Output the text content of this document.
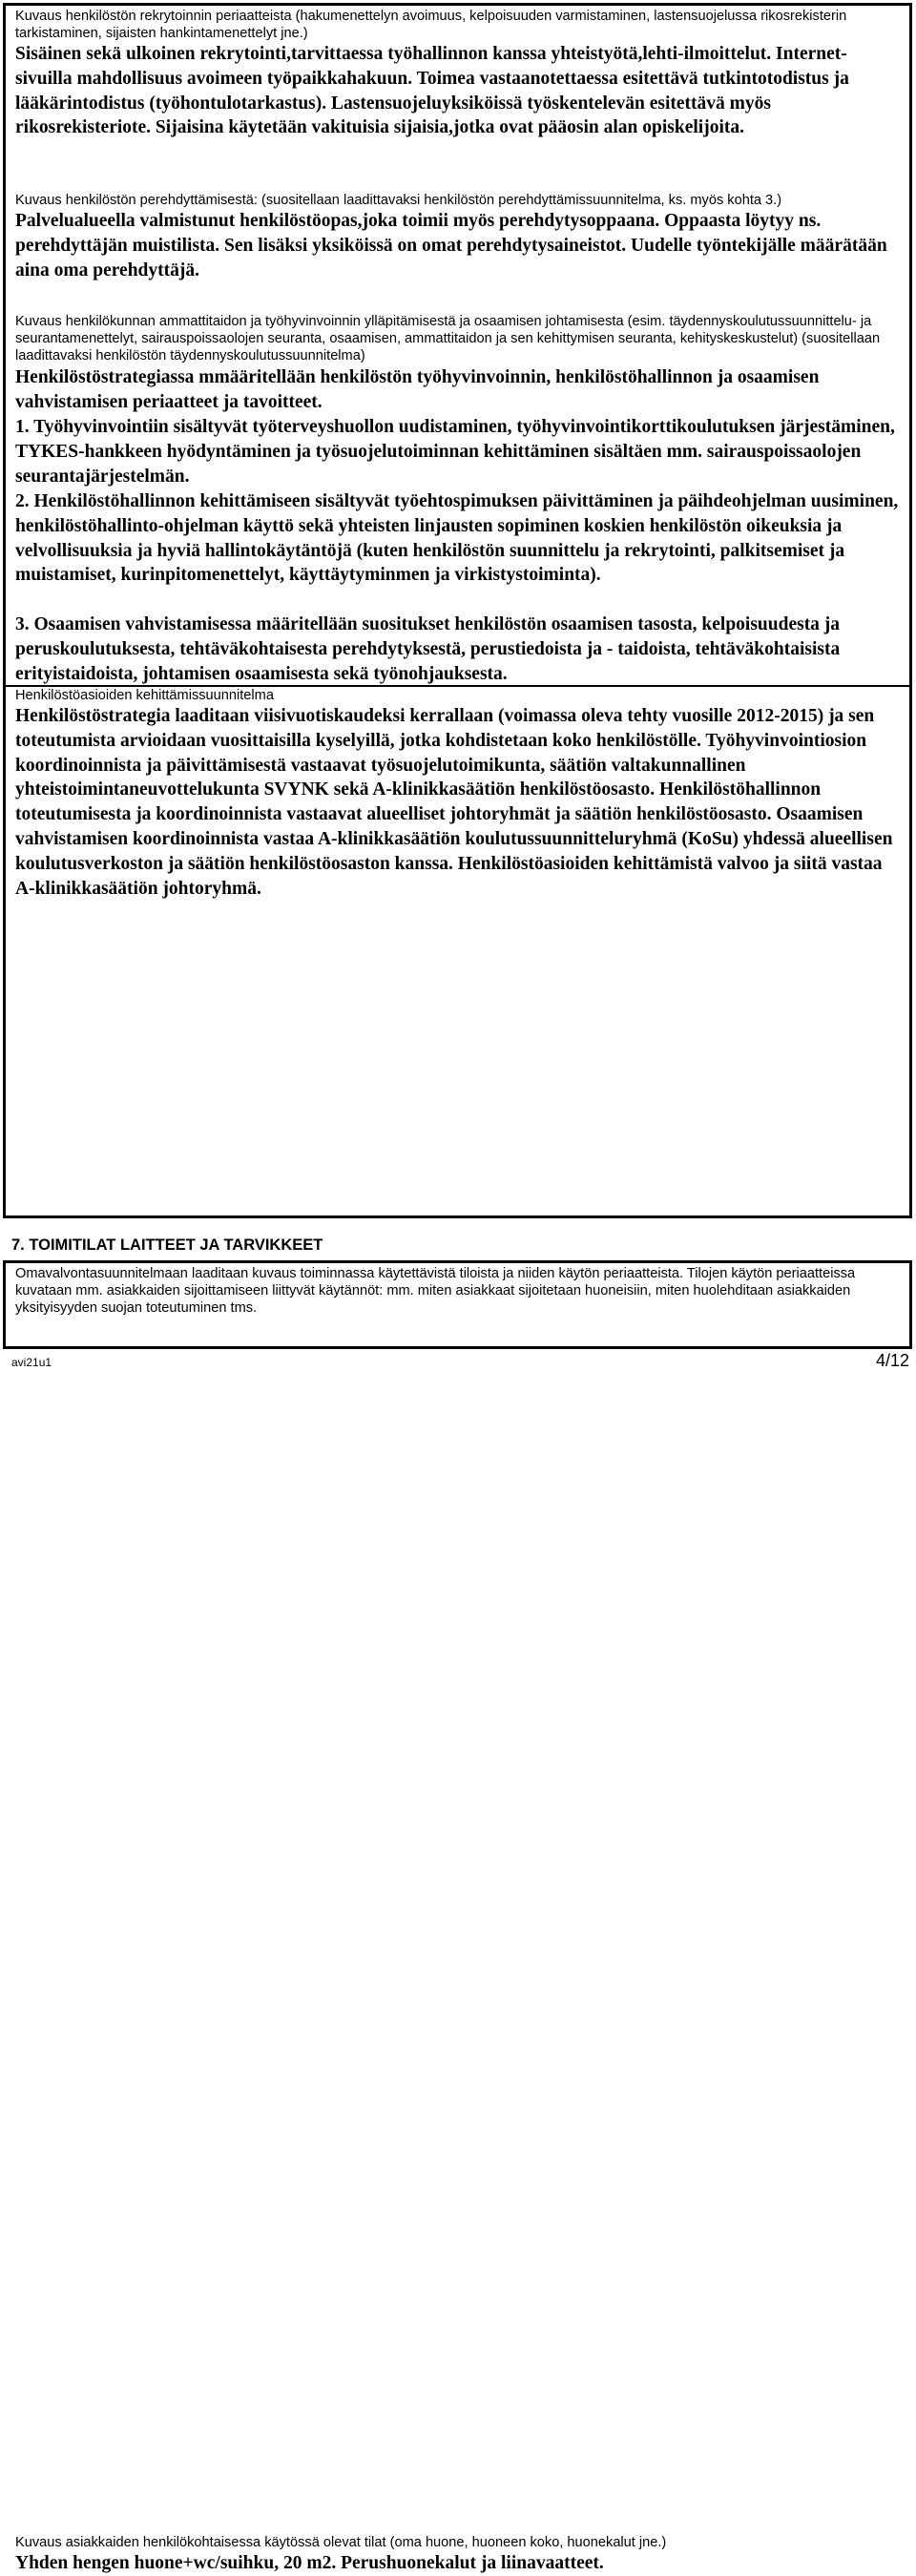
Kuvaus henkilöstön rekrytoinnin periaatteista (hakumenettelyn avoimuus, kelpoisuuden varmistaminen, lastensuojelussa rikosrekisterin tarkistaminen, sijaisten hankintamenettelyt jne.)
Sisäinen sekä ulkoinen rekrytointi,tarvittaessa työhallinnon kanssa yhteistyötä,lehti-ilmoittelut. Internet-sivuilla mahdollisuus avoimeen työpaikkahakuun. Toimea vastaanotettaessa esitettävä tutkintotodistus ja lääkärintodistus (työhontulotarkastus). Lastensuojeluyksiköissä työskentelevän esitettävä myös rikosrekisteriote. Sijaisina käytetään vakituisia sijaisia,jotka ovat pääosin alan opiskelijoita.
Kuvaus henkilöstön perehdyttämisestä: (suositellaan laadittavaksi henkilöstön perehdyttämissuunnitelma, ks. myös kohta 3.)
Palvelualueella valmistunut henkilöstöopas,joka toimii myös perehdytysoppaana. Oppaasta löytyy ns. perehdyttäjän muistilista. Sen lisäksi yksiköissä on omat perehdytysaineistot. Uudelle työntekijälle määrätään aina oma perehdyttäjä.
Kuvaus henkilökunnan ammattitaidon ja työhyvinvoinnin ylläpitämisestä ja osaamisen johtamisesta (esim. täydennyskoulutussuunnittelu- ja seurantamenettelyt, sairauspoissaolojen seuranta, osaamisen, ammattitaidon ja sen kehittymisen seuranta, kehityskeskustelut) (suositellaan laadittavaksi henkilöstön täydennyskoulutussuunnitelma)
Henkilöstöstrategiassa mmääritellään henkilöstön työhyvinvoinnin, henkilöstöhallinnon ja osaamisen vahvistamisen periaatteet ja tavoitteet.
1. Työhyvinvointiin sisältyvät työterveyshuollon uudistaminen, työhyvinvointikorttikoulutuksen järjestäminen, TYKES-hankkeen hyödyntäminen ja työsuojelutoiminnan kehittäminen sisältäen mm. sairauspoissaolojen seurantajärjestelmän.
2. Henkilöstöhallinnon kehittämiseen sisältyvät työehtospimuksen päivittäminen ja päihdeohjelman uusiminen, henkilöstöhallinto-ohjelman käyttö sekä yhteisten linjausten sopiminen koskien henkilöstön oikeuksia ja velvollisuuksia ja hyviä hallintokäytäntöjä (kuten henkilöstön suunnittelu ja rekrytointi, palkitsemiset ja muistamiset, kurinpitomenettelyt, käyttäytyminmen ja virkistystoiminta).
3. Osaamisen vahvistamisessa määritellään suositukset henkilöstön osaamisen tasosta, kelpoisuudesta ja peruskoulutuksesta, tehtäväkohtaisesta perehdytyksestä, perustiedoista ja - taidoista, tehtäväkohtaisista erityistaidoista, johtamisen osaamisesta sekä työnohjauksesta.
Henkilöstöasioiden kehittämissuunnitelma
Henkilöstöstrategia laaditaan viisivuotiskaudeksi kerrallaan (voimassa oleva tehty vuosille 2012-2015) ja sen toteutumista arvioidaan vuosittaisilla kyselyillä, jotka kohdistetaan koko henkilöstölle. Työhyvinvointiosion koordinoinnista ja päivittämisestä vastaavat työsuojelutoimikunta, säätiön valtakunnallinen yhteistoimintaneuvottelukunta SVYNK sekä A-klinikkasäätiön henkilöstöosasto. Henkilöstöhallinnon toteutumisesta ja koordinoinnista vastaavat alueelliset johtoryhmät ja säätiön henkilöstöosasto. Osaamisen vahvistamisen koordinoinnista vastaa A-klinikkasäätiön koulutussuunnitteluryhmä (KoSu) yhdessä alueellisen koulutusverkoston ja säätiön henkilöstöosaston kanssa. Henkilöstöasioiden kehittämistä valvoo ja siitä vastaa A-klinikkasäätiön johtoryhmä.
7. TOIMITILAT LAITTEET JA TARVIKKEET
Omavalvontasuunnitelmaan laaditaan kuvaus toiminnassa käytettävistä tiloista ja niiden käytön periaatteista. Tilojen käytön periaatteissa kuvataan mm. asiakkaiden sijoittamiseen liittyvät käytännöt: mm. miten asiakkaat sijoitetaan huoneisiin, miten huolehditaan asiakkaiden yksityisyyden suojan toteutuminen tms.
Kuvaus asiakkaiden henkilökohtaisessa käytössä olevat tilat (oma huone, huoneen koko, huonekalut jne.)
Yhden hengen huone+wc/suihku, 20 m2. Perushuonekalut ja liinavaatteet.
avi21u1	4/12
